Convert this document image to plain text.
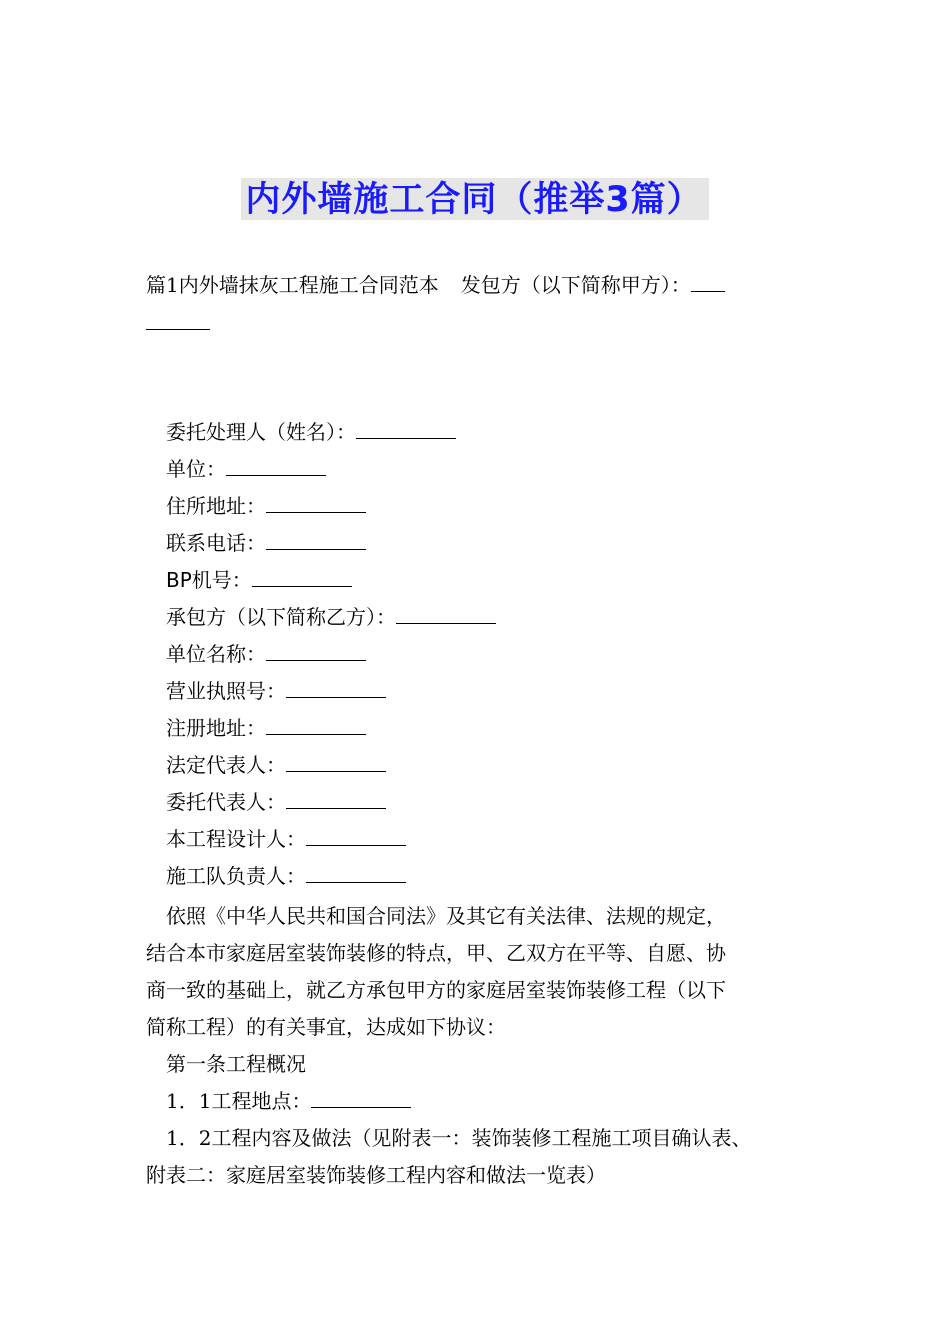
内外墙施工合同（推举3篇）
篇1内外墙抹灰工程施工合同范本 发包方（以下简称甲方）：
委托处理人（姓名）：
单位：
住所地址：
联系电话：
BP机号：
承包方（以下简称乙方）：
单位名称：
营业执照号：
注册地址：
法定代表人：
委托代表人：
本工程设计人：
施工队负责人：
依照《中华人民共和国合同法》及其它有关法律、法规的规定，
结合本市家庭居室装饰装修的特点，甲、乙双方在平等、自愿、协
商一致的基础上，就乙方承包甲方的家庭居室装饰装修工程（以下
简称工程）的有关事宜，达成如下协议：
第一条工程概况
1．1工程地点：
1．2工程内容及做法（见附表一：装饰装修工程施工项目确认表、
附表二：家庭居室装饰装修工程内容和做法一览表）
